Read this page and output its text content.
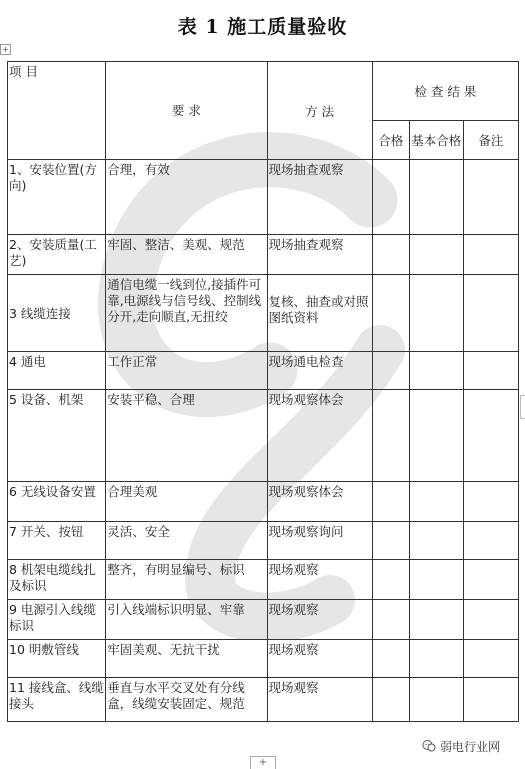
表 1 施工质量验收
+
项 目	要 求	方 法	检 查 结 果		
			合格	基本合格	备注
1、安装位置(方向)	合理，有效	现场抽查观察			
2、安装质量(工艺)	牢固、整洁、美观、规范	现场抽查观察			
3 线缆连接	通信电缆一线到位,接插件可靠,电源线与信号线、控制线分开,走向顺直,无扭绞	复核、抽查或对照图纸资料			
4 通电	工作正常	现场通电检查			
5 设备、机架	安装平稳、合理	现场观察体会			
6 无线设备安置	合理美观	现场观察体会			
7 开关、按钮	灵活、安全	现场观察询问			
8 机架电缆线扎及标识	整齐，有明显编号、标识	现场观察			
9 电源引入线缆标识	引入线端标识明显、牢靠	现场观察			
10 明敷管线	牢固美观、无抗干扰	现场观察			
11 接线盒、线缆接头	垂直与水平交叉处有分线盒，线缆安装固定、规范	现场观察			
+
弱电行业网
